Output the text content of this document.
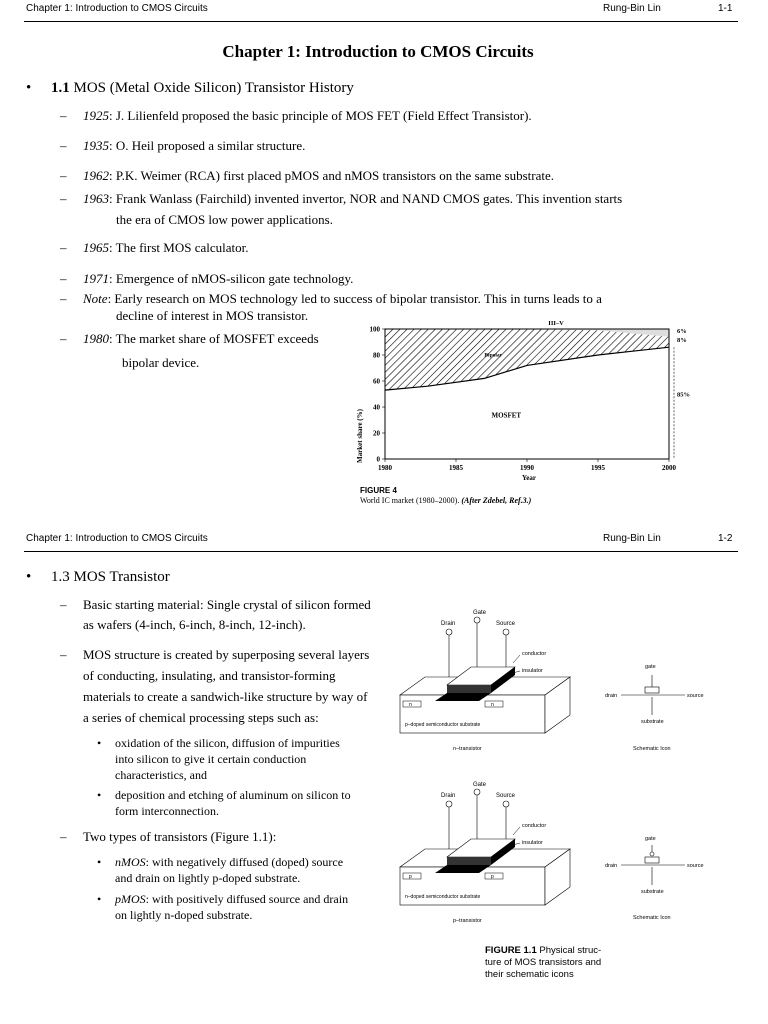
Chapter 1: Introduction to CMOS Circuits	Rung-Bin Lin	1-1
Chapter 1: Introduction to CMOS Circuits
• 1.1 MOS (Metal Oxide Silicon) Transistor History
– 1925: J. Lilienfeld proposed the basic principle of MOS FET (Field Effect Transistor).
– 1935: O. Heil proposed a similar structure.
– 1962: P.K. Weimer (RCA) first placed pMOS and nMOS transistors on the same substrate.
– 1963: Frank Wanlass (Fairchild) invented invertor, NOR and NAND CMOS gates. This invention starts
the era of CMOS low power applications.
– 1965: The first MOS calculator.
– 1971: Emergence of nMOS-silicon gate technology.
– Note: Early research on MOS technology led to success of bipolar transistor. This in turns leads to a
decline of interest in MOS transistor.
– 1980: The market share of MOSFET exceeds
bipolar device.
0
20
40
60
80
100
1980	1985	1990	1995	2000
III–V
Bipolar
MOSFET
6%
8%
85%
Market share (%)
Year
FIGURE 4
World IC market (1980–2000). (After Zdebel, Ref.3.)
Chapter 1: Introduction to CMOS Circuits	Rung-Bin Lin	1-2
• 1.3 MOS Transistor
– Basic starting material: Single crystal of silicon formed
as wafers (4-inch, 6-inch, 8-inch, 12-inch).
– MOS structure is created by superposing several layers
of conducting, insulating, and transistor-forming
materials to create a sandwich-like structure by way of
a series of chemical processing steps such as:
• oxidation of the silicon, diffusion of impurities
into silicon to give it certain conduction
characteristics, and
• deposition and etching of aluminum on silicon to
form interconnection.
– Two types of transistors (Figure 1.1):
• nMOS: with negatively diffused (doped) source
and drain on lightly p-doped substrate.
• pMOS: with positively diffused source and drain
on lightly n-doped substrate.
Gate
Drain	Source
n	n
conductor
insulator
p–doped semiconductor substrate
n–transistor
gate
drain	source
substrate
Schematic Icon
Gate
Drain	Source
p	p
conductor
insulator
n–doped semiconductor substrate
p–transistor
gate
drain	source
substrate
Schematic Icon
FIGURE 1.1 Physical struc-
ture of MOS transistors and
their schematic icons
